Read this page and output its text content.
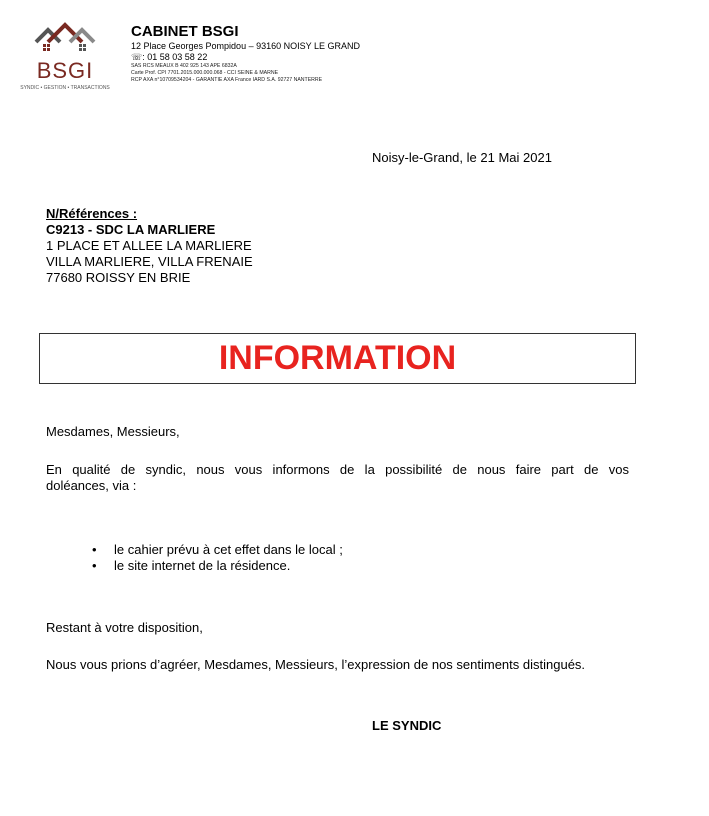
BSGI
SYNDIC • GESTION • TRANSACTIONS
CABINET BSGI
12 Place Georges Pompidou – 93160 NOISY LE GRAND
☏: 01 58 03 58 22
SAS RCS MEAUX B 402 925 143 APE 6832A
Carte Prof. CPI 7701.2015.000.000.068 - CCI SEINE & MARNE
RCP AXA n°10709534204 - GARANTIE AXA France IARD S.A. 92727 NANTERRE
Noisy-le-Grand, le 21 Mai 2021
N/Références :
C9213 - SDC LA MARLIERE
1 PLACE ET ALLEE LA MARLIERE
VILLA MARLIERE, VILLA FRENAIE
77680 ROISSY EN BRIE
INFORMATION
Mesdames, Messieurs,
En qualité de syndic, nous vous informons de la possibilité de nous faire part de vos
doléances, via :
•	le cahier prévu à cet effet dans le local ;
•	le site internet de la résidence.
Restant à votre disposition,
Nous vous prions d’agréer, Mesdames, Messieurs, l’expression de nos sentiments distingués.
LE SYNDIC
